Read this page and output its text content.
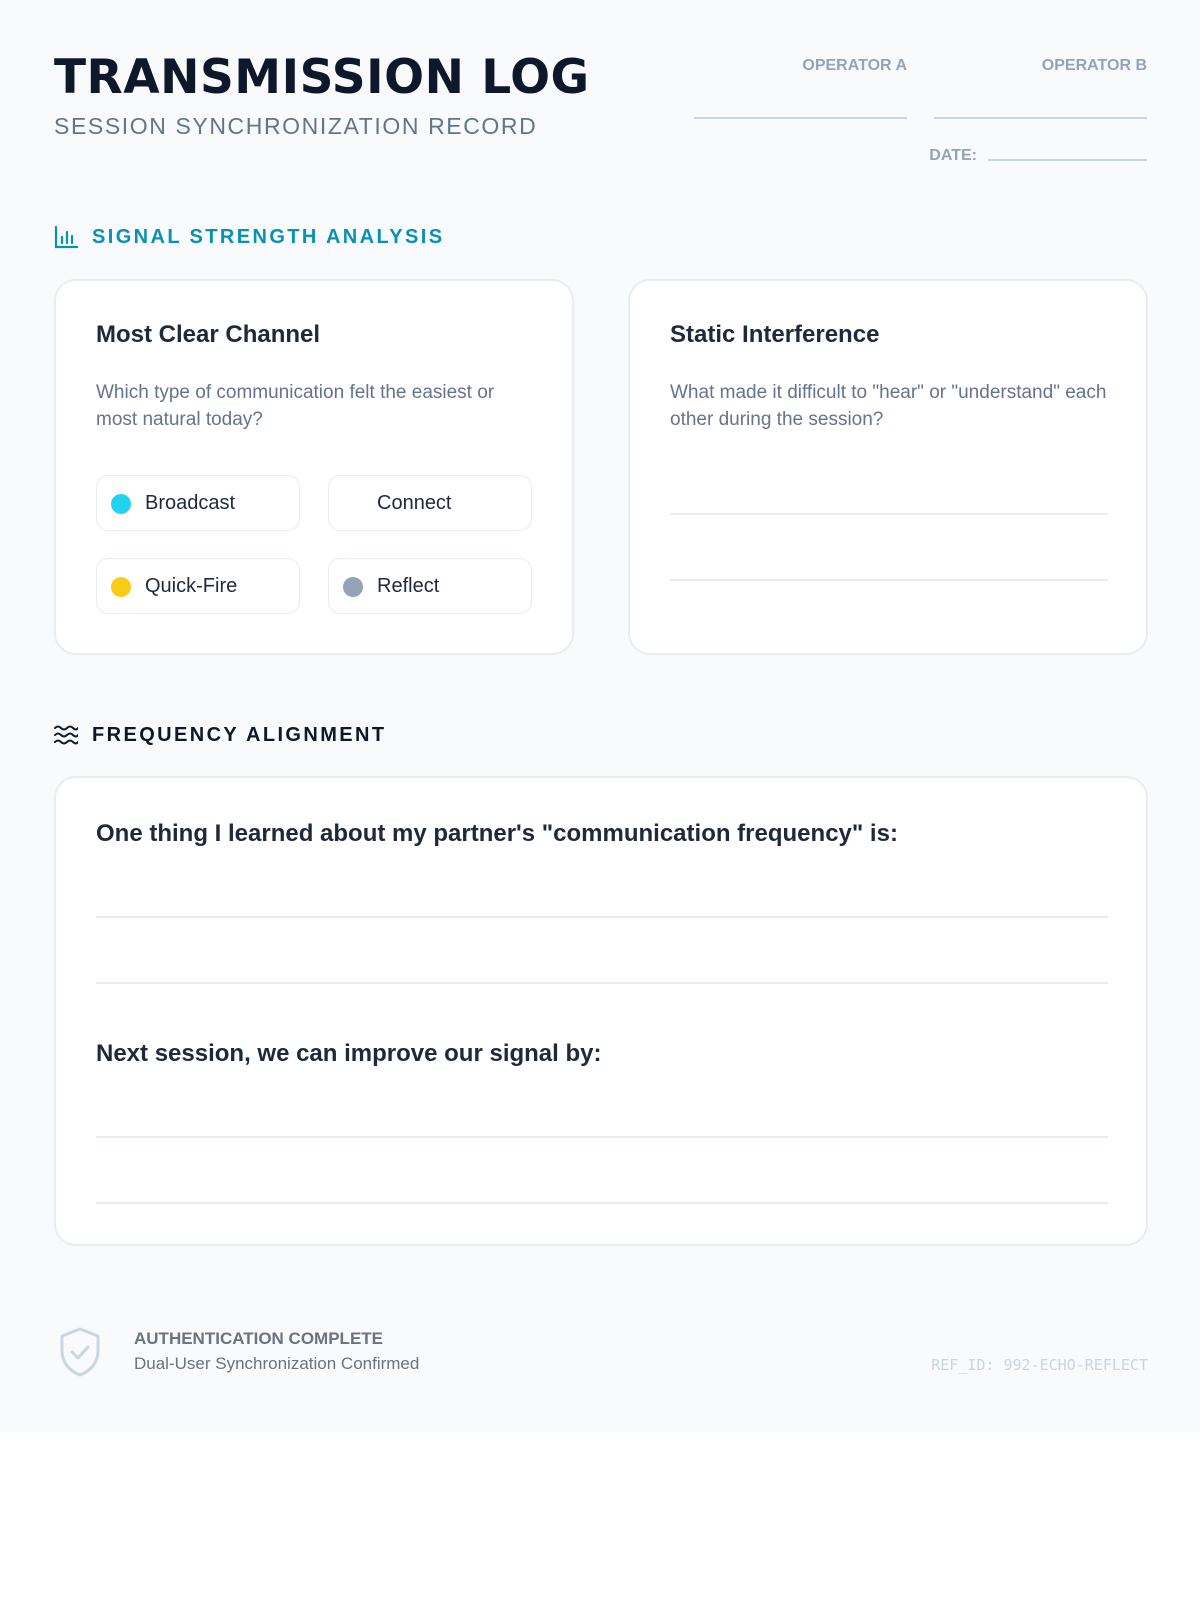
TRANSMISSION LOG
SESSION SYNCHRONIZATION RECORD
OPERATOR A	OPERATOR B
DATE:
SIGNAL STRENGTH ANALYSIS
Most Clear Channel
Which type of communication felt the easiest or most natural today?
Broadcast	Connect
Quick-Fire	Reflect
Static Interference
What made it difficult to "hear" or "understand" each other during the session?
FREQUENCY ALIGNMENT
One thing I learned about my partner's "communication frequency" is:
Next session, we can improve our signal by:
AUTHENTICATION COMPLETE
Dual-User Synchronization Confirmed	REF_ID: 992-ECHO-REFLECT
